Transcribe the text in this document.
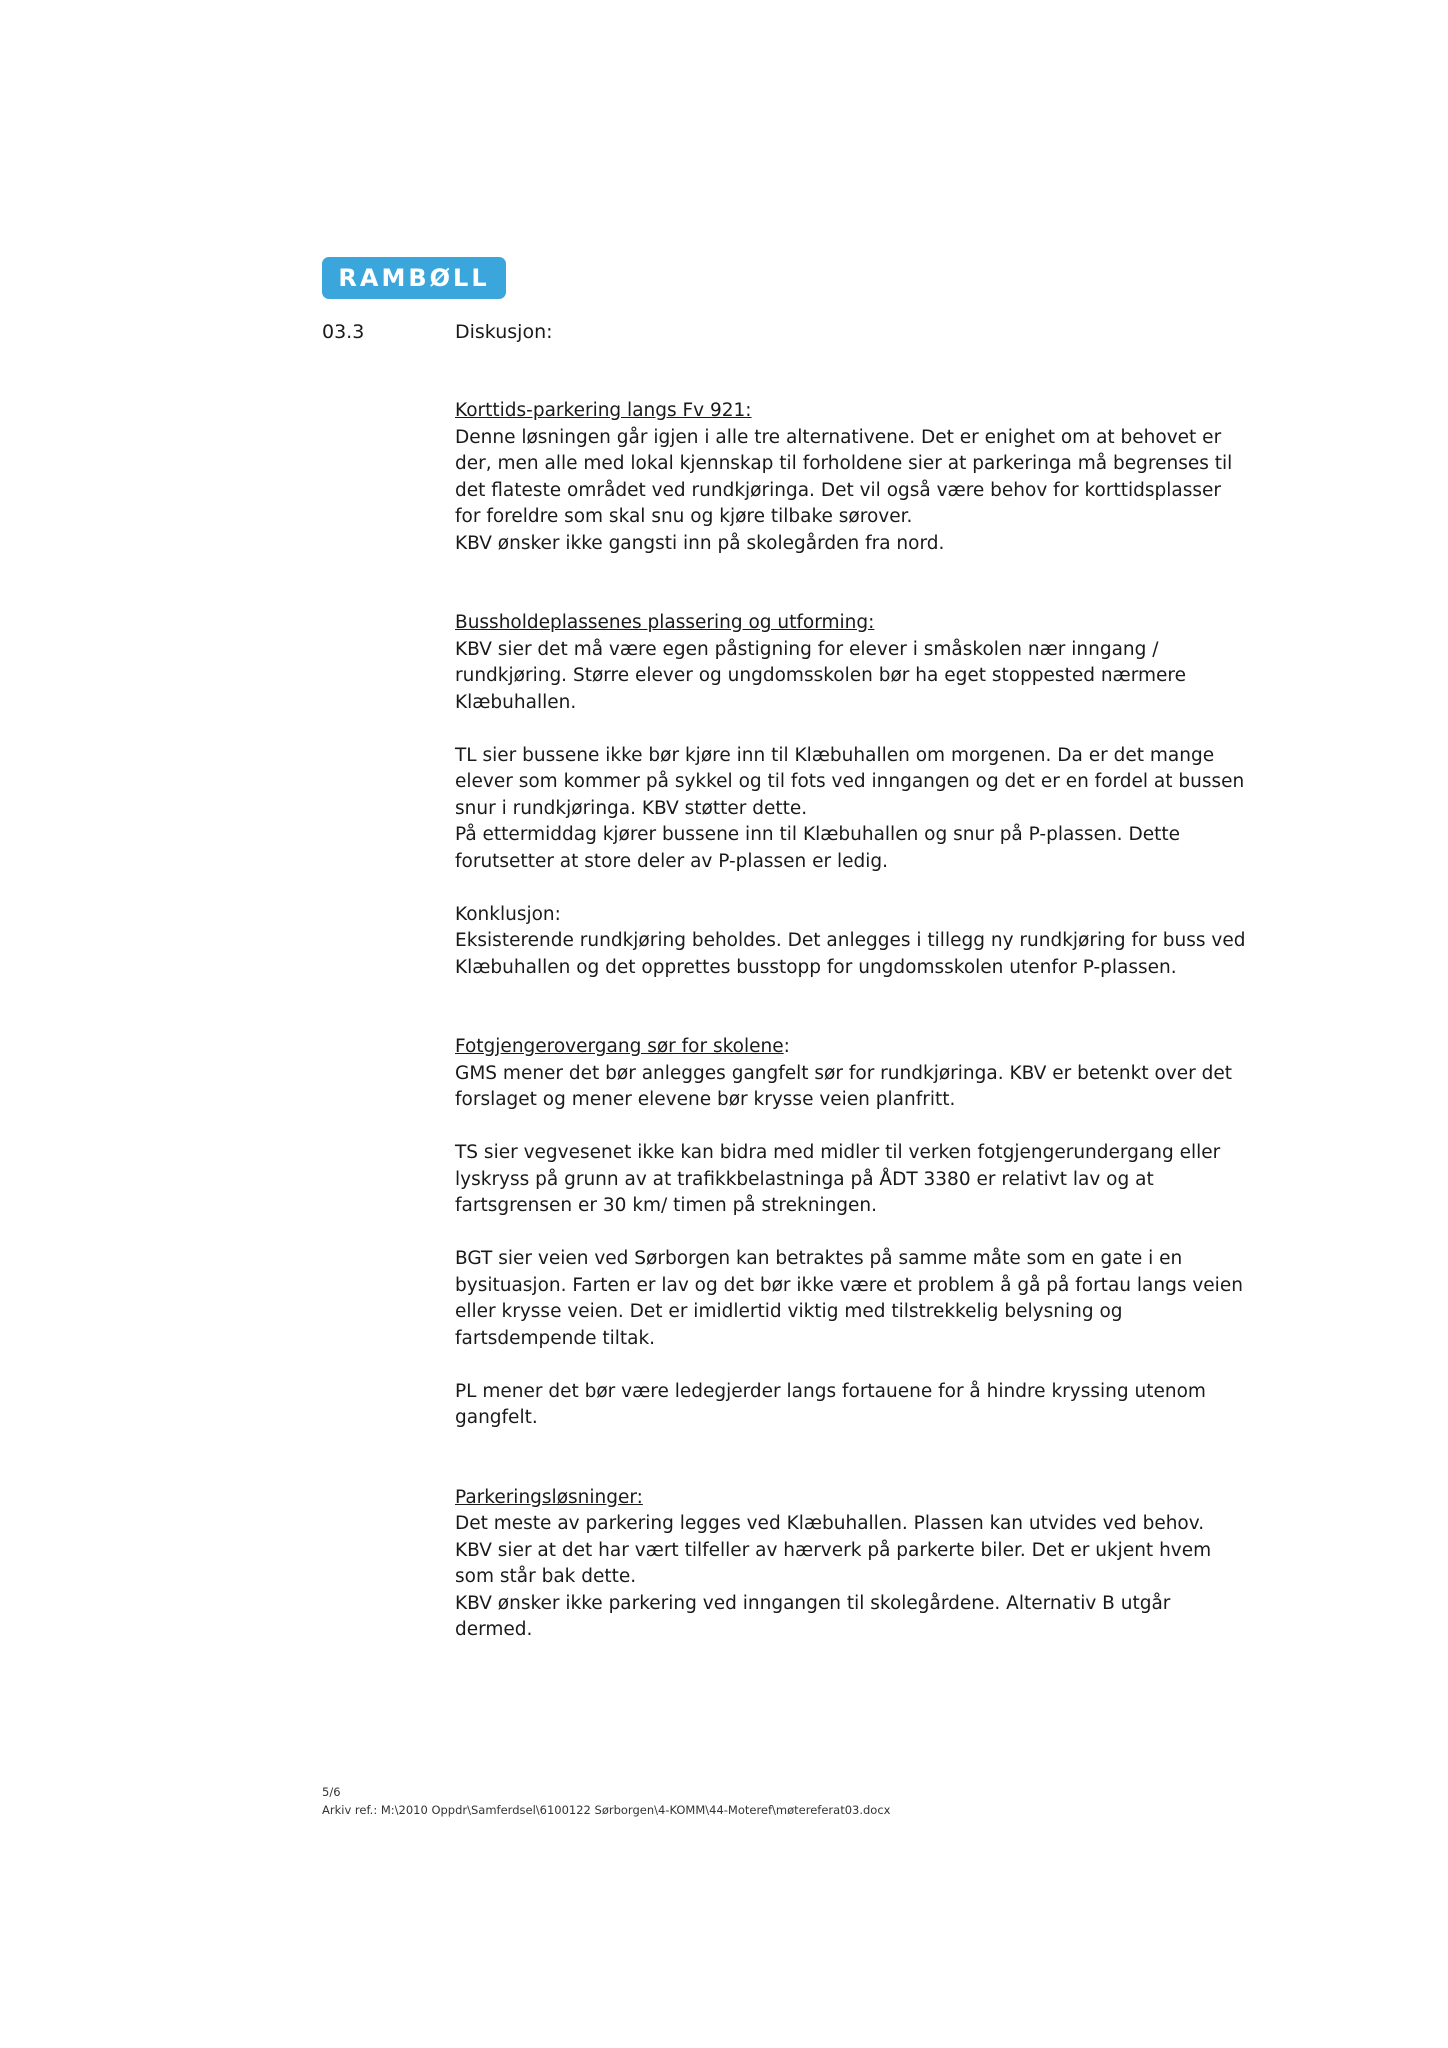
RAMBØLL
03.3	Diskusjon:

Korttids-parkering langs Fv 921:

Denne løsningen går igjen i alle tre alternativene. Det er enighet om at behovet er

der, men alle med lokal kjennskap til forholdene sier at parkeringa må begrenses til

det flateste området ved rundkjøringa. Det vil også være behov for korttidsplasser

for foreldre som skal snu og kjøre tilbake sørover.

KBV ønsker ikke gangsti inn på skolegården fra nord.

Bussholdeplassenes plassering og utforming:

KBV sier det må være egen påstigning for elever i småskolen nær inngang /

rundkjøring. Større elever og ungdomsskolen bør ha eget stoppested nærmere

Klæbuhallen.

TL sier bussene ikke bør kjøre inn til Klæbuhallen om morgenen. Da er det mange

elever som kommer på sykkel og til fots ved inngangen og det er en fordel at bussen

snur i rundkjøringa. KBV støtter dette.

På ettermiddag kjører bussene inn til Klæbuhallen og snur på P-plassen. Dette

forutsetter at store deler av P-plassen er ledig.

Konklusjon:

Eksisterende rundkjøring beholdes. Det anlegges i tillegg ny rundkjøring for buss ved

Klæbuhallen og det opprettes busstopp for ungdomsskolen utenfor P-plassen.

Fotgjengerovergang sør for skolene:

GMS mener det bør anlegges gangfelt sør for rundkjøringa. KBV er betenkt over det

forslaget og mener elevene bør krysse veien planfritt.

TS sier vegvesenet ikke kan bidra med midler til verken fotgjengerundergang eller

lyskryss på grunn av at trafikkbelastninga på ÅDT 3380 er relativt lav og at

fartsgrensen er 30 km/ timen på strekningen.

BGT sier veien ved Sørborgen kan betraktes på samme måte som en gate i en

bysituasjon. Farten er lav og det bør ikke være et problem å gå på fortau langs veien

eller krysse veien. Det er imidlertid viktig med tilstrekkelig belysning og

fartsdempende tiltak.

PL mener det bør være ledegjerder langs fortauene for å hindre kryssing utenom

gangfelt.

Parkeringsløsninger:

Det meste av parkering legges ved Klæbuhallen. Plassen kan utvides ved behov.

KBV sier at det har vært tilfeller av hærverk på parkerte biler. Det er ukjent hvem

som står bak dette.

KBV ønsker ikke parkering ved inngangen til skolegårdene. Alternativ B utgår

dermed.

5/6
Arkiv ref.: M:\2010 Oppdr\Samferdsel\6100122 Sørborgen\4-KOMM\44-Moteref\møtereferat03.docx
